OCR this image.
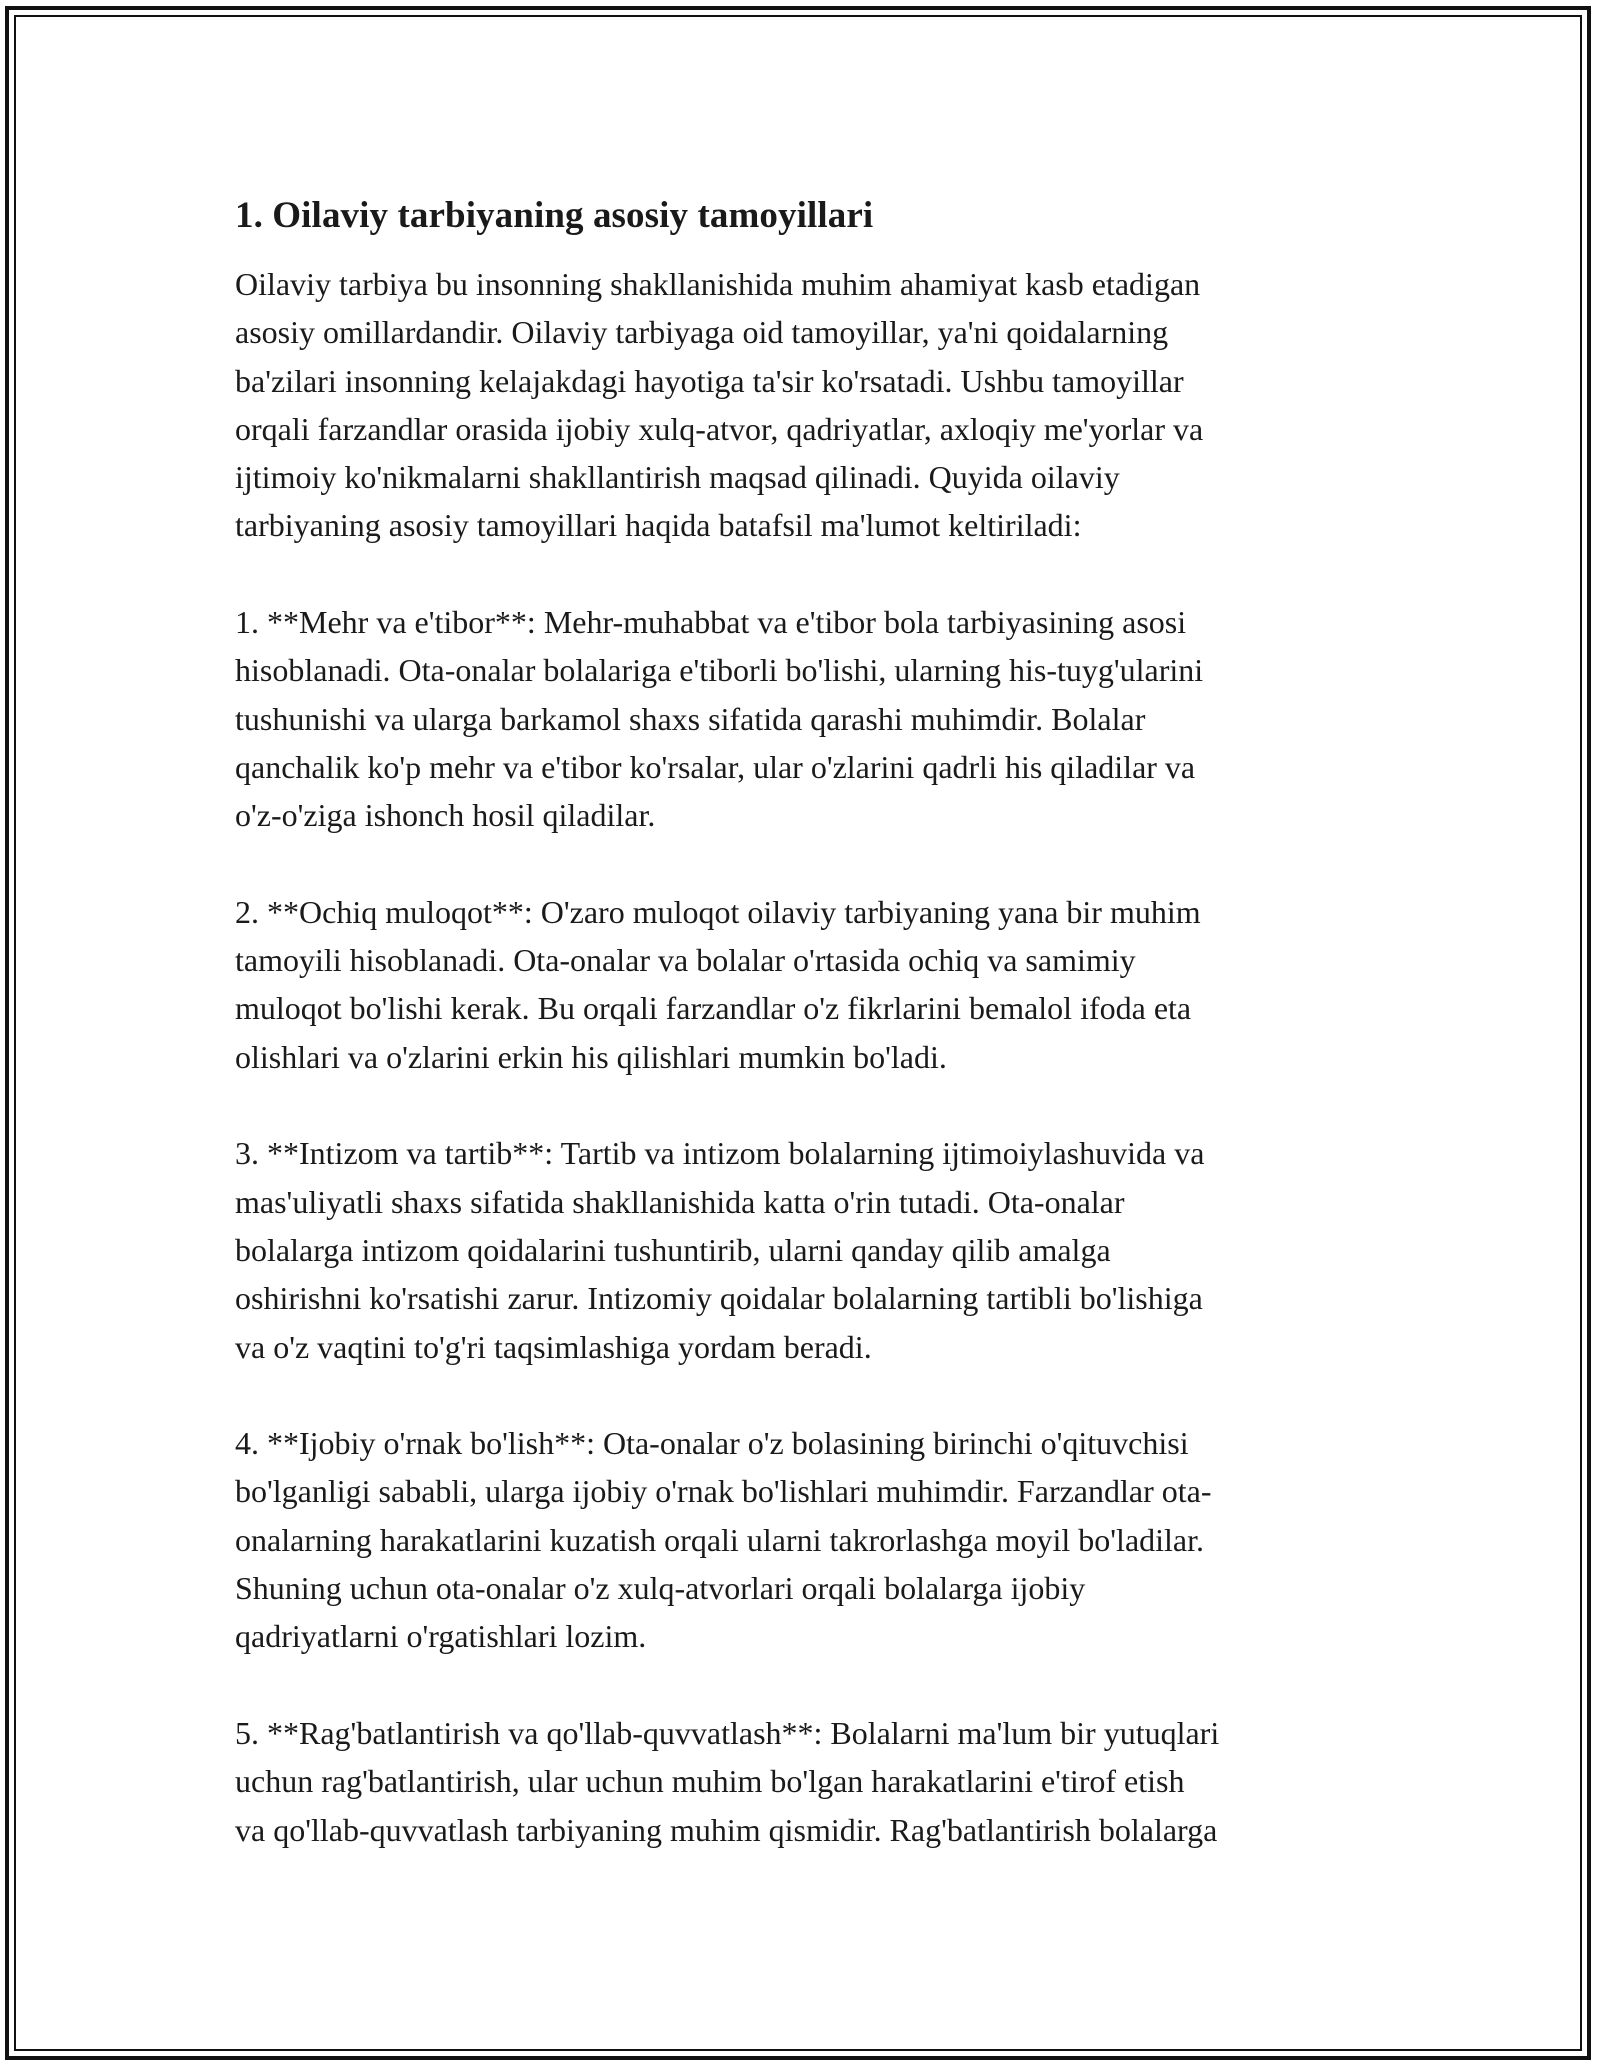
1. Oilaviy tarbiyaning asosiy tamoyillari

Oilaviy tarbiya bu insonning shakllanishida muhim ahamiyat kasb etadigan
asosiy omillardandir. Oilaviy tarbiyaga oid tamoyillar, ya'ni qoidalarning
ba'zilari insonning kelajakdagi hayotiga ta'sir ko'rsatadi. Ushbu tamoyillar
orqali farzandlar orasida ijobiy xulq-atvor, qadriyatlar, axloqiy me'yorlar va
ijtimoiy ko'nikmalarni shakllantirish maqsad qilinadi. Quyida oilaviy
tarbiyaning asosiy tamoyillari haqida batafsil ma'lumot keltiriladi:

1. **Mehr va e'tibor**: Mehr-muhabbat va e'tibor bola tarbiyasining asosi
hisoblanadi. Ota-onalar bolalariga e'tiborli bo'lishi, ularning his-tuyg'ularini
tushunishi va ularga barkamol shaxs sifatida qarashi muhimdir. Bolalar
qanchalik ko'p mehr va e'tibor ko'rsalar, ular o'zlarini qadrli his qiladilar va
o'z-o'ziga ishonch hosil qiladilar.

2. **Ochiq muloqot**: O'zaro muloqot oilaviy tarbiyaning yana bir muhim
tamoyili hisoblanadi. Ota-onalar va bolalar o'rtasida ochiq va samimiy
muloqot bo'lishi kerak. Bu orqali farzandlar o'z fikrlarini bemalol ifoda eta
olishlari va o'zlarini erkin his qilishlari mumkin bo'ladi.

3. **Intizom va tartib**: Tartib va intizom bolalarning ijtimoiylashuvida va
mas'uliyatli shaxs sifatida shakllanishida katta o'rin tutadi. Ota-onalar
bolalarga intizom qoidalarini tushuntirib, ularni qanday qilib amalga
oshirishni ko'rsatishi zarur. Intizomiy qoidalar bolalarning tartibli bo'lishiga
va o'z vaqtini to'g'ri taqsimlashiga yordam beradi.

4. **Ijobiy o'rnak bo'lish**: Ota-onalar o'z bolasining birinchi o'qituvchisi
bo'lganligi sababli, ularga ijobiy o'rnak bo'lishlari muhimdir. Farzandlar ota-
onalarning harakatlarini kuzatish orqali ularni takrorlashga moyil bo'ladilar.
Shuning uchun ota-onalar o'z xulq-atvorlari orqali bolalarga ijobiy
qadriyatlarni o'rgatishlari lozim.

5. **Rag'batlantirish va qo'llab-quvvatlash**: Bolalarni ma'lum bir yutuqlari
uchun rag'batlantirish, ular uchun muhim bo'lgan harakatlarini e'tirof etish
va qo'llab-quvvatlash tarbiyaning muhim qismidir. Rag'batlantirish bolalarga
